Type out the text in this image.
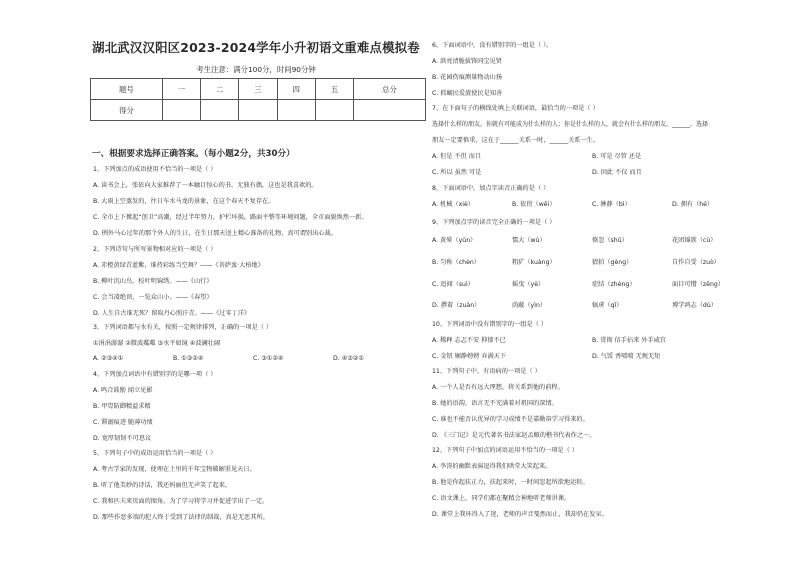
湖北武汉汉阳区2023-2024学年小升初语文重难点模拟卷
考生注意：满分100分，时间90分钟
题号	一	二	三	四	五	总分
得分						
一、根据要求选择正确答案。（每小题2分，共30分）
1、下列加点的成语使用不恰当的一项是（ ）
A. 读书会上，张依向大家推荐了一本触目惊心的书，无独有偶，这也是我喜欢的。
B. 大雨上空蒸发的，往日车水马龙的景象，在这个春天不复存在。
C. 全市上下掀起“创卫”高潮，经过半年努力，护栏坏损，路面平整等环境问题，全市面貌焕然一新。
D. 例外马心过年的那个外人的生日，在生日那天送上精心准备的礼物，真可谓别出心裁。
2、下列诗句与所写景物相对应的一项是（ ）
A. 赤橙黄绿青蓝紫，谁持彩练当空舞？——《菩萨蛮·大柏地》
B. 柳叶沉山鸟，校叶明锦绣。——《山行》
C. 会当凌绝顶，一览众山小。——《春望》
D. 人生自古谁无死？留取丹心照汗青。——《过零丁洋》
3、下列词语都与水有关，按照一定规律排列，正确的一项是（ ）
①涓涓潺潺 ②微波粼粼 ③水平如镜 ④波澜壮阔
A. ②③④①	B. ①③②④	C. ③①②④	D. ④③②①
4、下列加点词语中有错别字的是哪一项（ ）
A. 鸣合鼓励 闻立见影
B. 甲胄防御精益求精
C. 滞溺痕迹 脆薄功绩
D. 宽厚韧韧不可思议
5、下列句子中的成语运用恰当的一项是（ ）
A. 考古学家的发现，使埋在土里的千年宝物破解重见天日。
B. 听了他美妙的诗话，我还妈丽但无声笑了起来。
C. 我和匹夫来页面的图角，为了学习将学习并促进学出了一定。
D. 那些作恶多端的犯人终于受到了法律的制裁，真是无恶其所。
6、下面词语中，没有错别字的一组是（ ）。
A. 洪亮清脆拔锋同宝见贤
B. 花园伤痕测量物动山扬
C. 抓蛹民爱旋使民是知善
7、在下面句子的横线处填上关联词语，最恰当的一项是（ ）
选择什么样的朋友，你就有可能成为什么样的人；你是什么样的人，就会有什么样的朋友。______，选择
朋友一定要慎重，这在于______关系一时，______关系一生。
A. 但是 不但 而且	B. 可是 尽管 还是
C. 所以 虽然 可是	D. 因此 不仅 而且
8、下面词语中，加点字读音正确的是（ ）
A. 机械（xiè）	B. 依傍（wěi）	C. 淋静（bì）	D. 拥有（hé）
9、下列加点字的读音完全正确的一项是（ ）
A. 黄晕（yūn）	懦大（wù）	倏忽（shū）	花团锦簇（cù）
B. 匀称（chèn）	粗犷（kuàng）	猜拍（gèng）	自作自受（zuò）
C. 追闻（suì）	摇曳（yè）	症结（zhèng）	面目可憎（zēng）
D. 撰着（zuàn）	荫蔽（yìn）	犒虏（qǐ）	博学鸿志（dù）
10、下列词语中没有错别字的一组是（ ）
A. 稀释 志忑不安 抑郁不已	B. 贯彻 信手拈来 外手咸宜
C. 金钮 娴静娉娉 弃满天下	D. 气馁 香喷喷 无规无矩
11、下列句子中，有语病的一项是（ ）
A. 一个人是否有远大理想，将关系到他的前程。
B. 她的语韵，语言无不充满着对祖国的深情。
C. 谁也不能否认优异的学习成绩不是靠勤奋学习得来的。
D. 《三门记》是元代著名书法家赵孟頫的楷书代表作之一。
12、下列句子中加点的词语运用不恰当的一项是（ ）
A. 李涛的幽默表演逗得我们哄堂大笑起来。
B. 他是你起扶正力，扶起来时，一时间忽起所欲地运转。
C. 语文课上，同学们都在聚精会神地听老师讲课。
D. 课堂上我环得入了迷，老师的声音戛然而止，我却仍在发呆。
